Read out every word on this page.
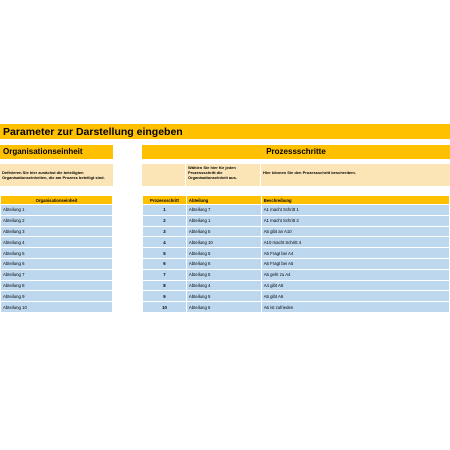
Parameter zur Darstellung eingeben
Organisationseinheit
Definieren Sie hier zunächst die beteiligten Organisationseinheiten, die am Prozess beteiligt sind.
Organisationseinheit
Abteilung 1
Abteilung 2
Abteilung 3
Abteilung 4
Abteilung 5
Abteilung 6
Abteilung 7
Abteilung 8
Abteilung 9
Abteilung 10
Prozessschritte
Wählen Sie hier für jeden Prozessschritt die Organisationseinheit aus.
Hier können Sie den Prozessschritt beschreiben.
Prozessschritt	Abteilung	Beschreibung
1	Abteilung 7	A1 macht Schritt 1
2	Abteilung 1	A1 macht Schritt 2
3	Abteilung 5	A5 gibt an A10
4	Abteilung 10	A10 macht Schritt 4
5	Abteilung 5	A5 Fragt bei A4
6	Abteilung 6	A6 Fragt bei A5
7	Abteilung 5	A5 geht zu A4
8	Abteilung 4	A4 gibt A5
9	Abteilung 5	A5 gibt A6
10	Abteilung 6	A6 ist zufrieden
